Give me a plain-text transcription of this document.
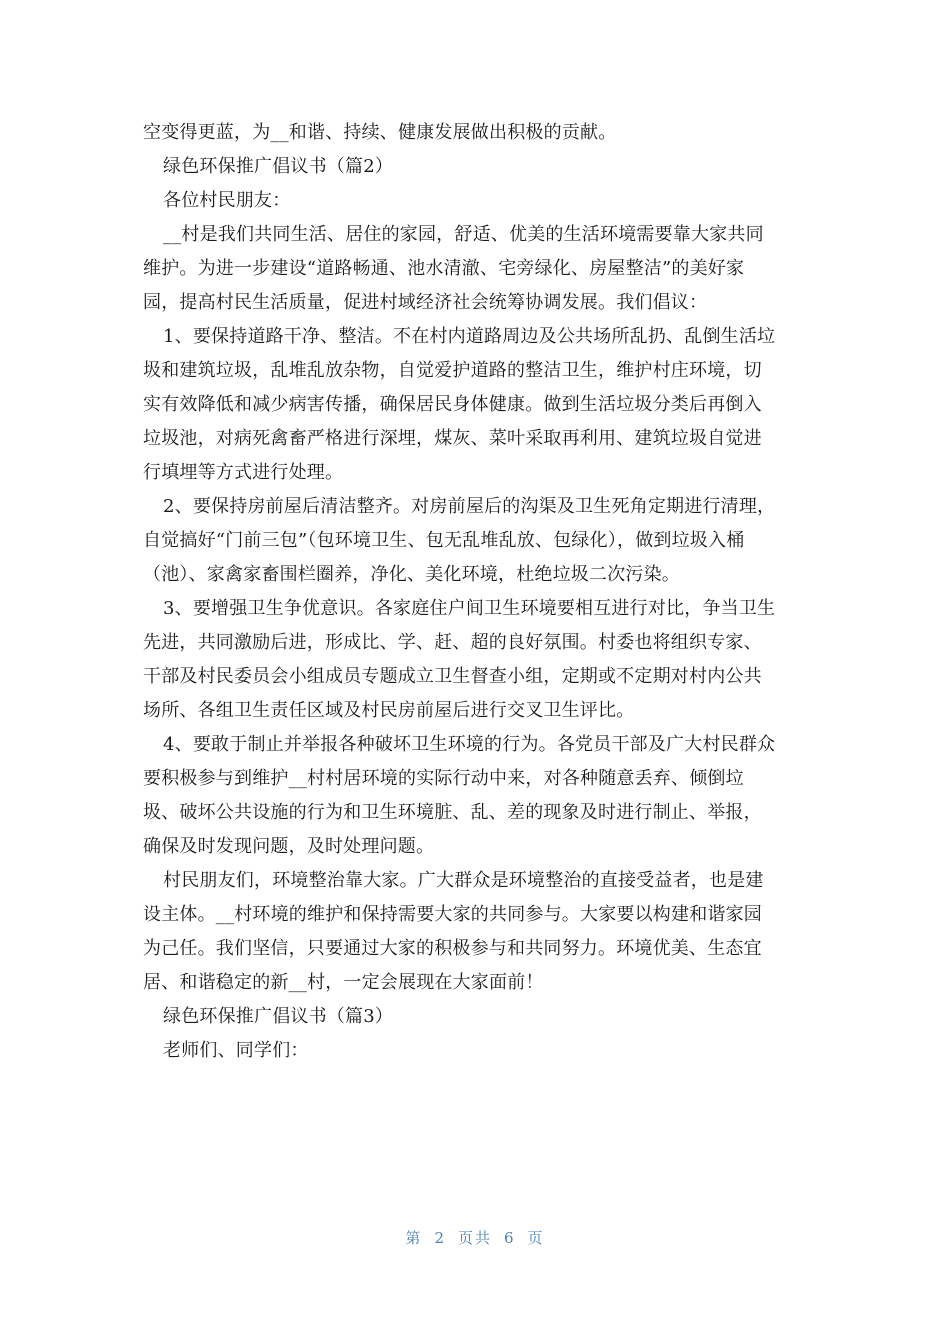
空变得更蓝，为__和谐、持续、健康发展做出积极的贡献。
绿色环保推广倡议书（篇2）
各位村民朋友：
__村是我们共同生活、居住的家园，舒适、优美的生活环境需要靠大家共同
维护。为进一步建设“道路畅通、池水清澈、宅旁绿化、房屋整洁”的美好家
园，提高村民生活质量，促进村域经济社会统筹协调发展。我们倡议：
1、要保持道路干净、整洁。不在村内道路周边及公共场所乱扔、乱倒生活垃
圾和建筑垃圾，乱堆乱放杂物，自觉爱护道路的整洁卫生，维护村庄环境，切
实有效降低和减少病害传播，确保居民身体健康。做到生活垃圾分类后再倒入
垃圾池，对病死禽畜严格进行深埋，煤灰、菜叶采取再利用、建筑垃圾自觉进
行填埋等方式进行处理。
2、要保持房前屋后清洁整齐。对房前屋后的沟渠及卫生死角定期进行清理，
自觉搞好“门前三包”（包环境卫生、包无乱堆乱放、包绿化），做到垃圾入桶
（池）、家禽家畜围栏圈养，净化、美化环境，杜绝垃圾二次污染。
3、要增强卫生争优意识。各家庭住户间卫生环境要相互进行对比，争当卫生
先进，共同激励后进，形成比、学、赶、超的良好氛围。村委也将组织专家、
干部及村民委员会小组成员专题成立卫生督查小组，定期或不定期对村内公共
场所、各组卫生责任区域及村民房前屋后进行交叉卫生评比。
4、要敢于制止并举报各种破坏卫生环境的行为。各党员干部及广大村民群众
要积极参与到维护__村村居环境的实际行动中来，对各种随意丢弃、倾倒垃
圾、破坏公共设施的行为和卫生环境脏、乱、差的现象及时进行制止、举报，
确保及时发现问题，及时处理问题。
村民朋友们，环境整治靠大家。广大群众是环境整治的直接受益者，也是建
设主体。__村环境的维护和保持需要大家的共同参与。大家要以构建和谐家园
为己任。我们坚信，只要通过大家的积极参与和共同努力。环境优美、生态宜
居、和谐稳定的新__村，一定会展现在大家面前！
绿色环保推广倡议书（篇3）
老师们、同学们：
第 2 页共 6 页
